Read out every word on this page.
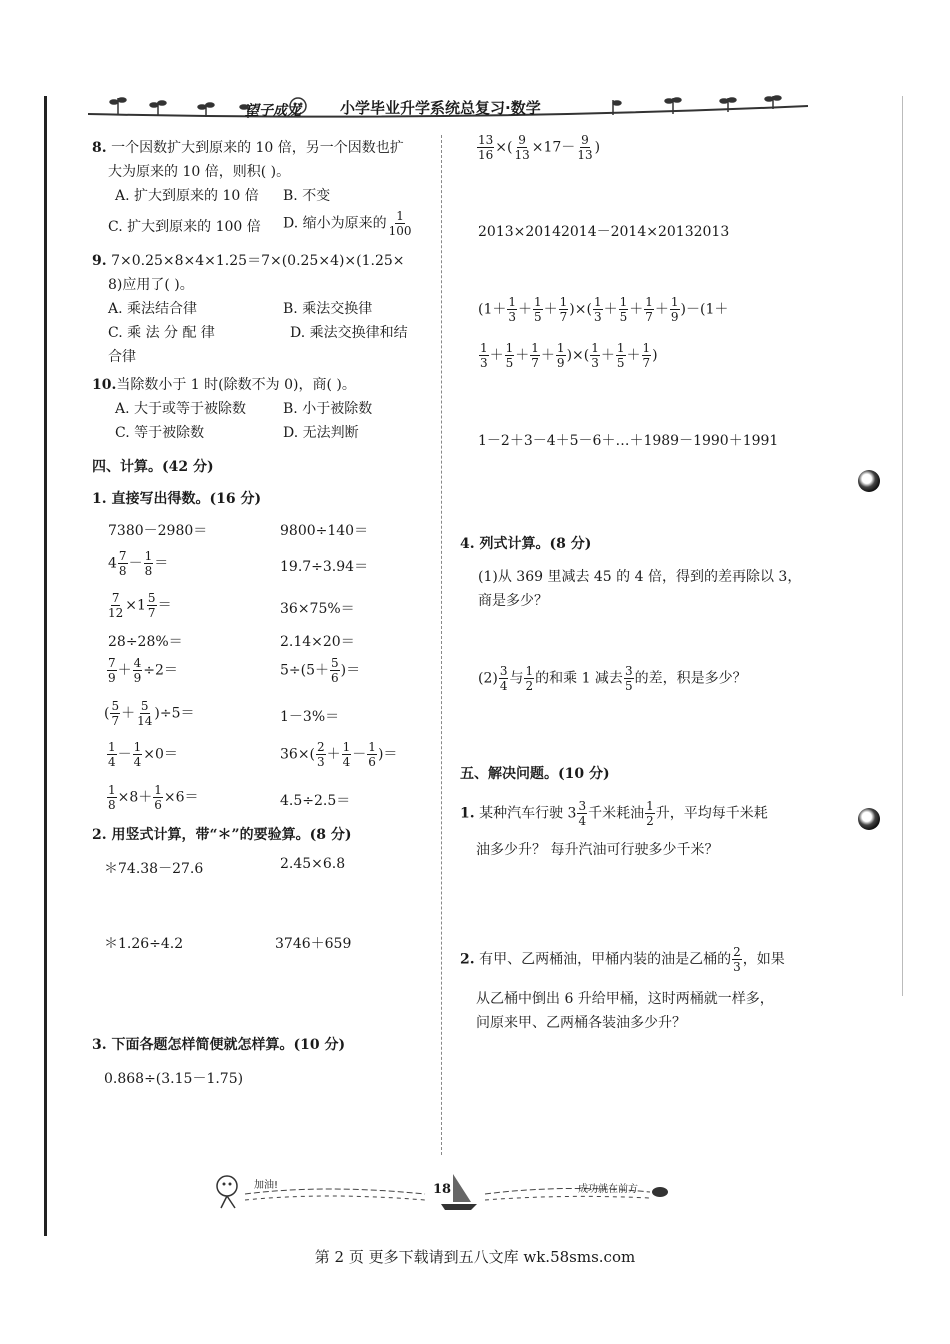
望子成龙	小学毕业升学系统总复习·数学
8. 一个因数扩大到原来的 10 倍，另一个因数也扩
大为原来的 10 倍，则积( )。
A. 扩大到原来的 10 倍 B. 不变
C. 扩大到原来的 100 倍 D. 缩小为原来的 $\frac{1}{100}$
9. 7×0.25×8×4×1.25＝7×(0.25×4)×(1.25×
8)应用了( )。
A. 乘法结合律	B. 乘法交换律
C. 乘 法 分 配 律	D. 乘法交换律和结
合律
10.当除数小于 1 时(除数不为 0)，商( )。
A. 大于或等于被除数	B. 小于被除数
C. 等于被除数	D. 无法判断
四、计算。(42 分)
1. 直接写出得数。(16 分)
7380－2980＝	9800÷140＝
$4 \frac{7}{8} - \frac{1}{8}$ ＝	19.7÷3.94＝
$\frac{7}{12} \times 1 \frac{5}{7}$ ＝	36×75%＝
28÷28%＝	2.14×20＝
$\frac{7}{9} + \frac{4}{9} \div 2=$	$5\div(5+ \frac{5}{6}$ )＝
( $\frac{5}{7} + \frac{5}{14} )\div 5=$	1－3%＝
$\frac{1}{4} - \frac{1}{4} \times 0=$	$36\times( \frac{2}{3} + \frac{1}{4} - \frac{1}{6}$ )＝
$\frac{1}{8} \times 8+ \frac{1}{6} \times 6=$	4.5÷2.5＝
2. 用竖式计算，带“＊”的要验算。(8 分)
＊74.38－27.6	2.45×6.8
＊1.26÷4.2	3746＋659
3. 下面各题怎样简便就怎样算。(10 分)
0.868÷(3.15－1.75)
$\frac{13}{16}$ ×( $\frac{9}{13} \times 17- \frac{9}{13}$ )
2013×20142014－2014×20132013
($1+ \frac{1}{3} + \frac{1}{5} + \frac{1}{7}$ )×( $\frac{1}{3} + \frac{1}{5} + \frac{1}{7} + \frac{1}{9} )-(1+$
$\frac{1}{3} + \frac{1}{5} + \frac{1}{7} + \frac{1}{9}$ )×( $\frac{1}{3} + \frac{1}{5} + \frac{1}{7}$ )
1－2＋3－4＋5－6＋…＋1989－1990＋1991
4. 列式计算。(8 分)
(1)从 369 里减去 45 的 4 倍，得到的差再除以 3，
商是多少？
$(2) \frac{3}{4}$ 与 $\frac{1}{2}$ 的和乘 1 减去 $\frac{3}{5}$ 的差，积是多少？
五、解决问题。(10 分)
1. 某种汽车行驶 $3 \frac{3}{4}$ 千米耗油 $\frac{1}{2}$ 升，平均每千米耗
油多少升？ 每升汽油可行驶多少千米？
2. 有甲、乙两桶油，甲桶内装的油是乙桶的 $\frac{2}{3}$ ，如果
从乙桶中倒出 6 升给甲桶，这时两桶就一样多，
问原来甲、乙两桶各装油多少升？
加油!	18	成功就在前方
第 2 页 更多下载请到五八文库 wk.58sms.com
